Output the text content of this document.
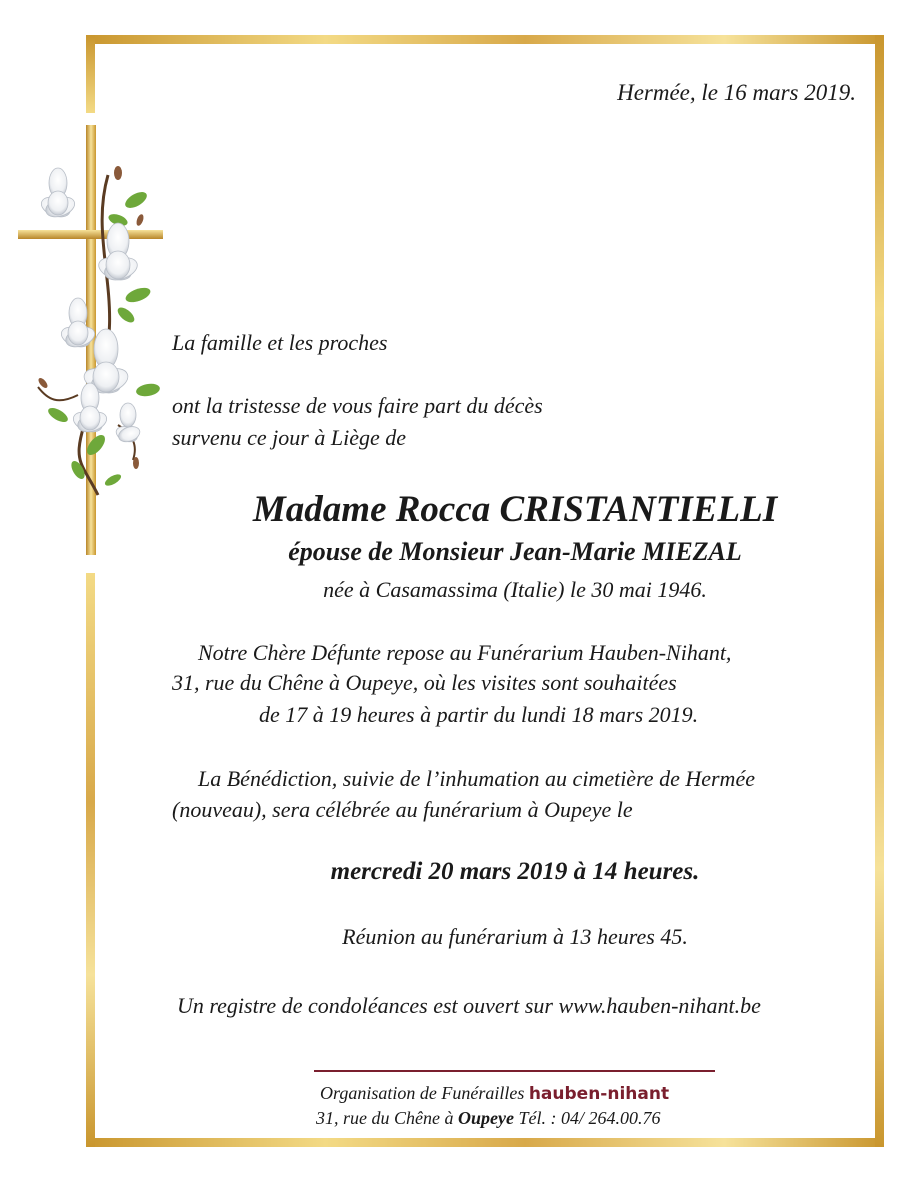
Hermée, le 16 mars 2019.

La famille et les proches

ont la tristesse de vous faire part du décès

survenu ce jour à Liège de

Madame Rocca CRISTANTIELLI

épouse de Monsieur Jean-Marie MIEZAL

née à Casamassima (Italie) le 30 mai 1946.

Notre Chère Défunte repose au Funérarium Hauben-Nihant,

31, rue du Chêne à Oupeye, où les visites sont souhaitées

de 17 à 19 heures à partir du lundi 18 mars 2019.

La Bénédiction, suivie de l’inhumation au cimetière de Hermée

(nouveau), sera célébrée au funérarium à Oupeye le

mercredi 20 mars 2019 à 14 heures.

Réunion au funérarium à 13 heures 45.

Un registre de condoléances est ouvert sur www.hauben-nihant.be

Organisation de Funérailles hauben-nihant

31, rue du Chêne à Oupeye Tél. : 04/ 264.00.76
